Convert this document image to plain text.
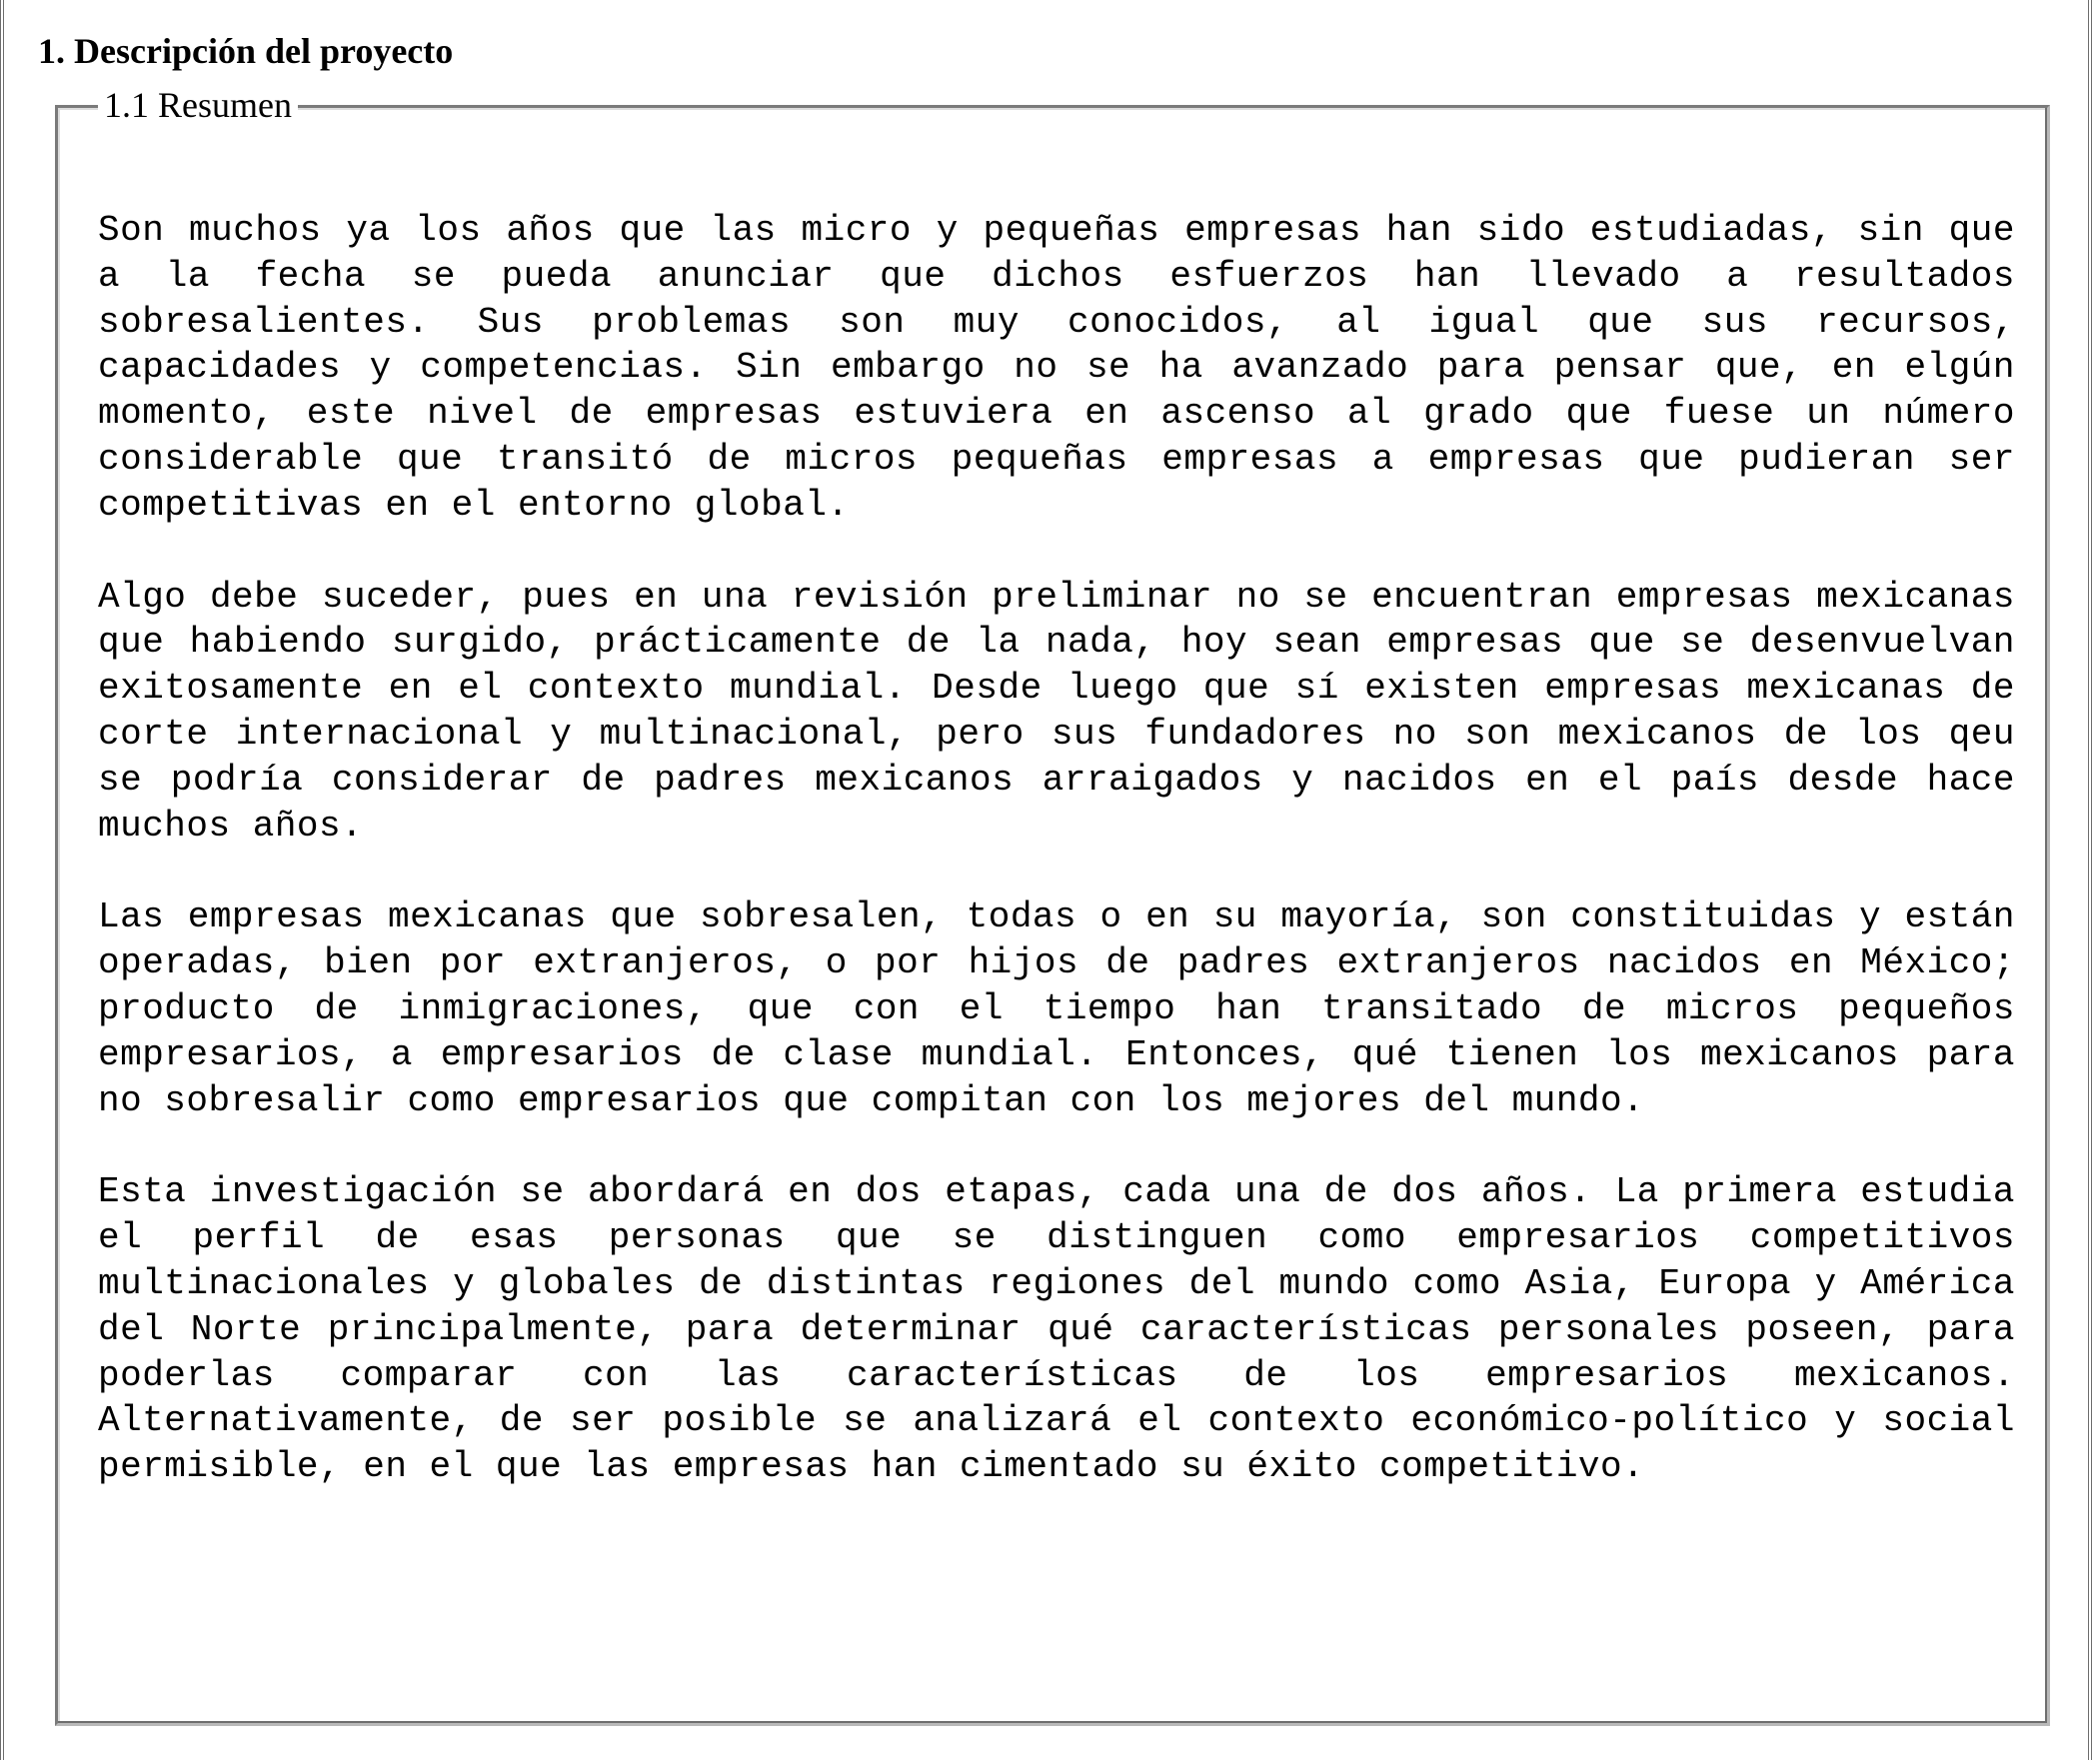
1. Descripción del proyecto
1.1 Resumen

Son muchos ya los años que las micro y pequeñas empresas han sido estudiadas, sin que a la fecha se pueda anunciar que dichos esfuerzos han llevado a resultados sobresalientes. Sus problemas son muy conocidos, al igual que sus recursos, capacidades y competencias. Sin embargo no se ha avanzado para pensar que, en elgún momento, este nivel de empresas estuviera en ascenso al grado que fuese un número considerable que transitó de micros pequeñas empresas a empresas que pudieran ser competitivas en el entorno global.

Algo debe suceder, pues en una revisión preliminar no se encuentran empresas mexicanas que habiendo surgido, prácticamente de la nada, hoy sean empresas que se desenvuelvan exitosamente en el contexto mundial. Desde luego que sí existen empresas mexicanas de corte internacional y multinacional, pero sus fundadores no son mexicanos de los qeu se podría considerar de padres mexicanos arraigados y nacidos en el país desde hace muchos años.

Las empresas mexicanas que sobresalen, todas o en su mayoría, son constituidas y están operadas, bien por extranjeros, o por hijos de padres extranjeros nacidos en México; producto de inmigraciones, que con el tiempo han transitado de micros pequeños empresarios, a empresarios de clase mundial. Entonces, qué tienen los mexicanos para no sobresalir como empresarios que compitan con los mejores del mundo.

Esta investigación se abordará en dos etapas, cada una de dos años. La primera estudia el perfil de esas personas que se distinguen como empresarios competitivos multinacionales y globales de distintas regiones del mundo como Asia, Europa y América del Norte principalmente, para determinar qué características personales poseen, para poderlas comparar con las características de los empresarios mexicanos. Alternativamente, de ser posible se analizará el contexto económico-político y social permisible, en el que las empresas han cimentado su éxito competitivo.
